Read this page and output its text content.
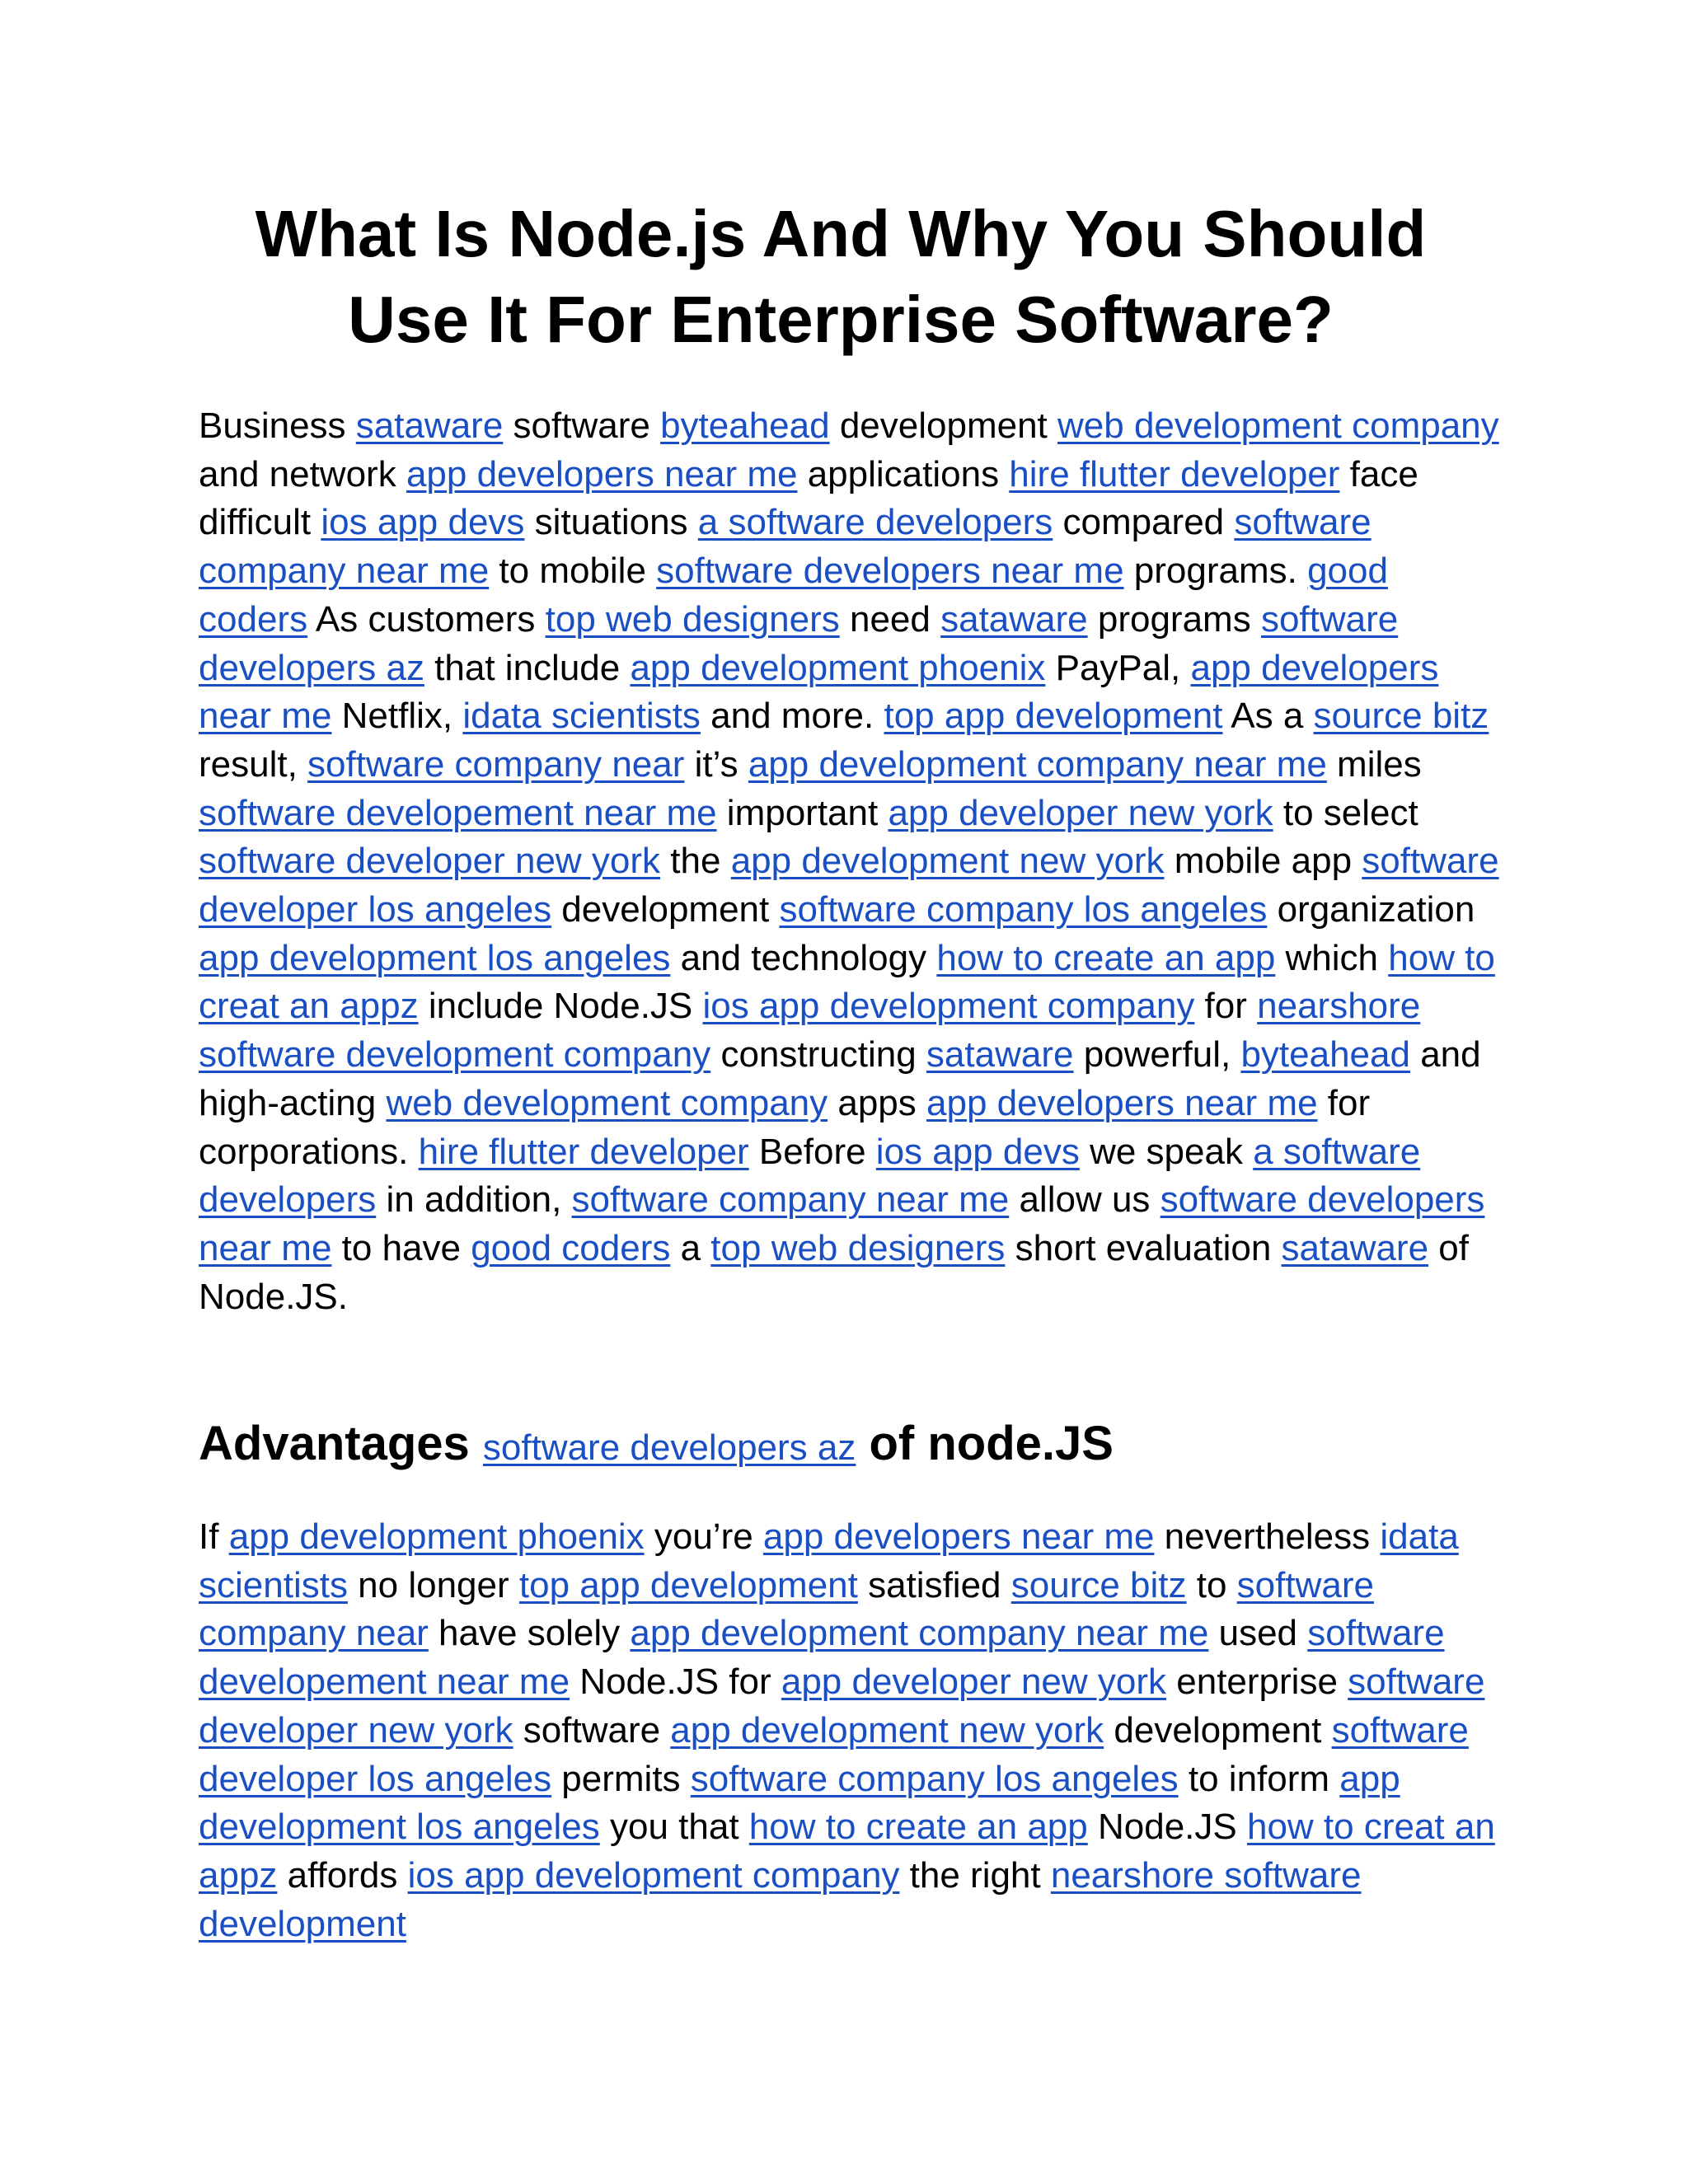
What Is Node.js And Why You Should Use It For Enterprise Software?

Business sataware software byteahead development web development company and network app developers near me applications hire flutter developer face difficult ios app devs situations a software developers compared software company near me to mobile software developers near me programs. good coders As customers top web designers need sataware programs software developers az that include app development phoenix PayPal, app developers near me Netflix, idata scientists and more. top app development As a source bitz result, software company near it’s app development company near me miles software developement near me important app developer new york to select software developer new york the app development new york mobile app software developer los angeles development software company los angeles organization app development los angeles and technology how to create an app which how to creat an appz include Node.JS ios app development company for nearshore software development company constructing sataware powerful, byteahead and high-acting web development company apps app developers near me for corporations. hire flutter developer Before ios app devs we speak a software developers in addition, software company near me allow us software developers near me to have good coders a top web designers short evaluation sataware of Node.JS.

Advantages software developers az of node.JS

If app development phoenix you’re app developers near me nevertheless idata scientists no longer top app development satisfied source bitz to software company near have solely app development company near me used software developement near me Node.JS for app developer new york enterprise software developer new york software app development new york development software developer los angeles permits software company los angeles to inform app development los angeles you that how to create an app Node.JS how to creat an appz affords ios app development company the right nearshore software development
